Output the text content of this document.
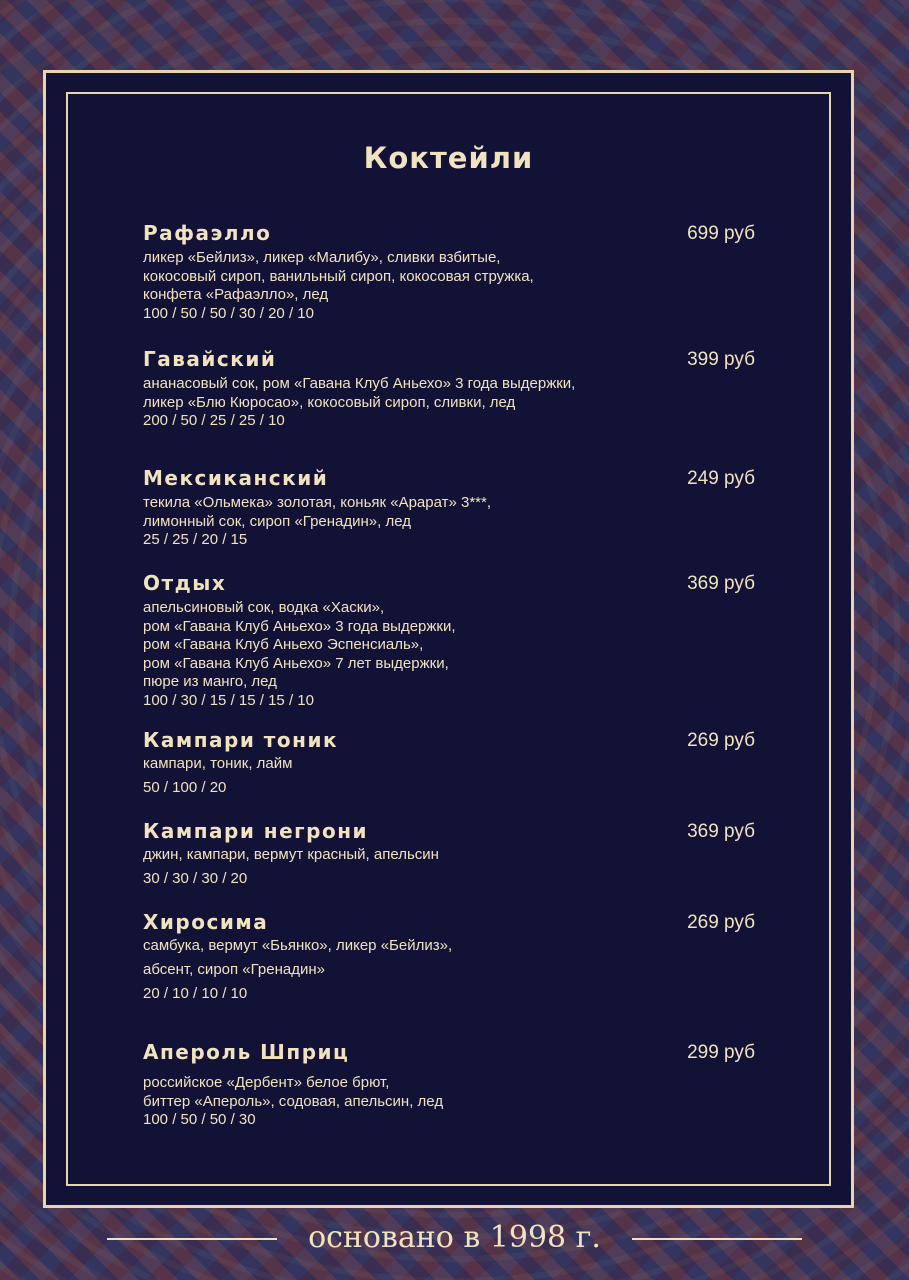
Коктейли
Рафаэлло	699 руб
ликер «Бейлиз», ликер «Малибу», сливки взбитые,
кокосовый сироп, ванильный сироп, кокосовая стружка,
конфета «Рафаэлло», лед
100 / 50 / 50 / 30 / 20 / 10
Гавайский	399 руб
ананасовый сок, ром «Гавана Клуб Аньехо» 3 года выдержки,
ликер «Блю Кюросао», кокосовый сироп, сливки, лед
200 / 50 / 25 / 25 / 10
Мексиканский	249 руб
текила «Ольмека» золотая, коньяк «Арарат» 3***,
лимонный сок, сироп «Гренадин», лед
25 / 25 / 20 / 15
Отдых	369 руб
апельсиновый сок, водка «Хаски»,
ром «Гавана Клуб Аньехо» 3 года выдержки,
ром «Гавана Клуб Аньехо Эспенсиаль»,
ром «Гавана Клуб Аньехо» 7 лет выдержки,
пюре из манго, лед
100 / 30 / 15 / 15 / 15 / 10
Кампари тоник	269 руб
кампари, тоник, лайм
50 / 100 / 20
Кампари негрони	369 руб
джин, кампари, вермут красный, апельсин
30 / 30 / 30 / 20
Хиросима	269 руб
самбука, вермут «Бьянко», ликер «Бейлиз»,
абсент, сироп «Гренадин»
20 / 10 / 10 / 10
Апероль Шприц	299 руб
российское «Дербент» белое брют,
биттер «Апероль», содовая, апельсин, лед
100 / 50 / 50 / 30
основано в 1998 г.
